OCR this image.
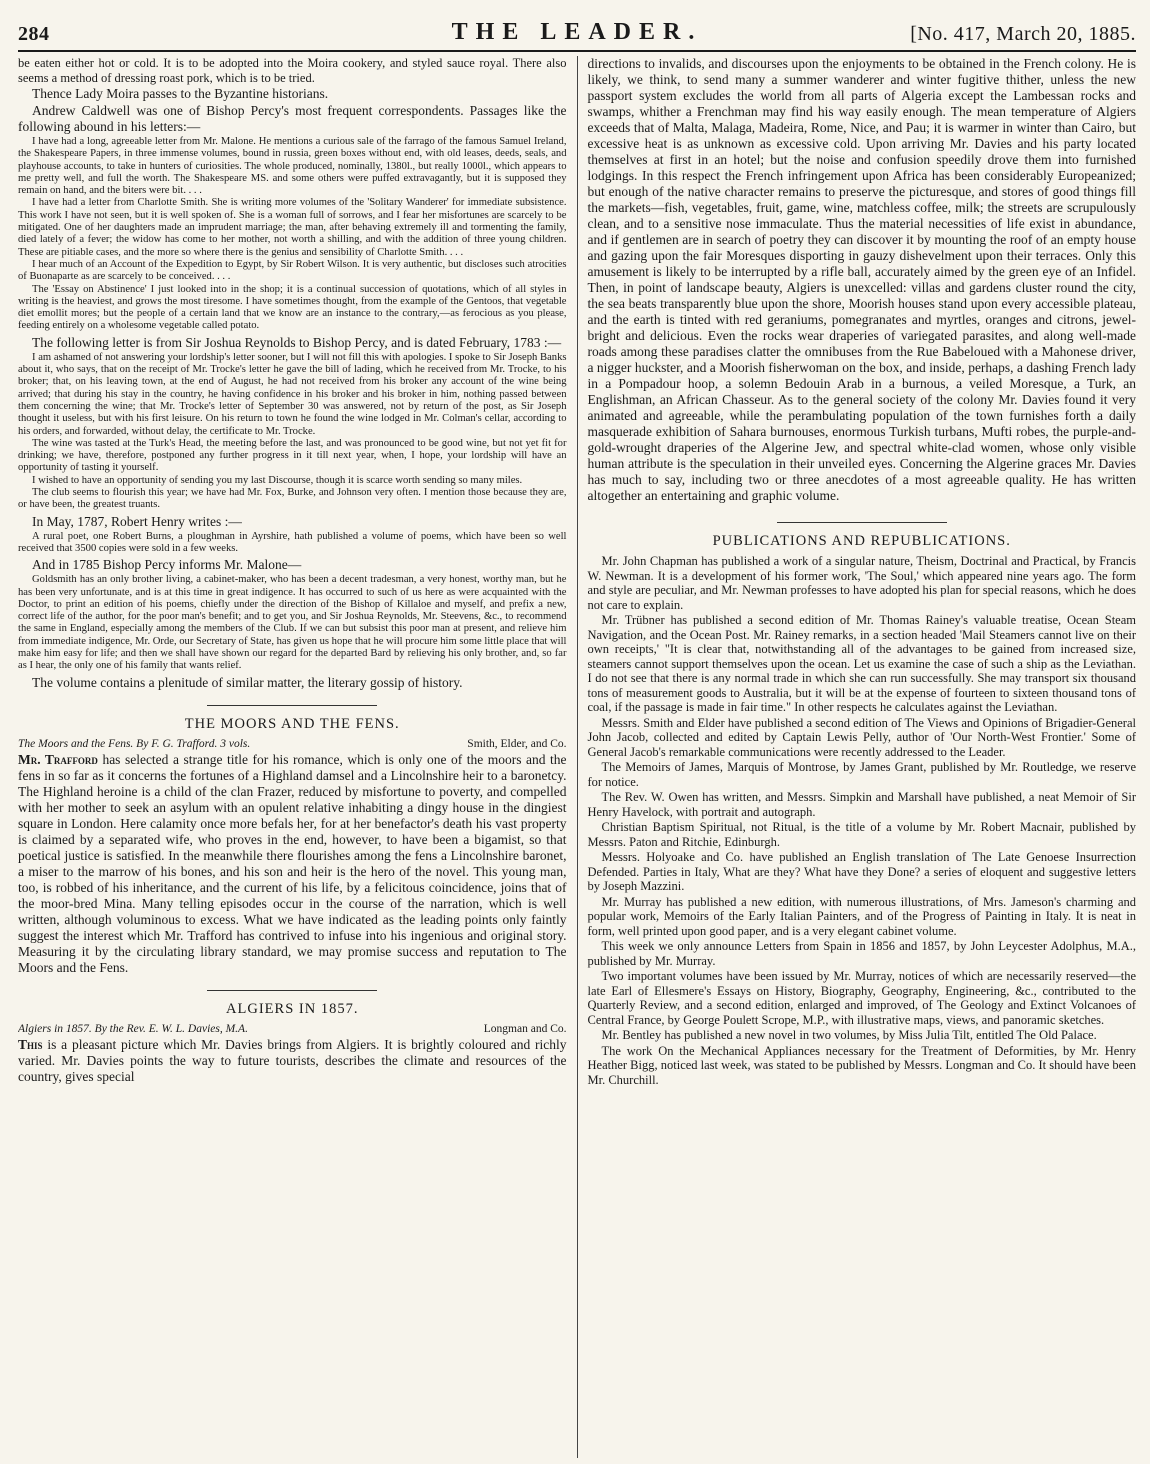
284	THE LEADER.	[No. 417, March 20, 1885.

be eaten either hot or cold. It is to be adopted into the Moira cookery, and styled sauce royal. There also seems a method of dressing roast pork, which is to be tried.

Thence Lady Moira passes to the Byzantine historians.

Andrew Caldwell was one of Bishop Percy's most frequent correspondents. Passages like the following abound in his letters:—

I have had a long, agreeable letter from Mr. Malone. He mentions a curious sale of the farrago of the famous Samuel Ireland, the Shakespeare Papers, in three immense volumes, bound in russia, green boxes without end, with old leases, deeds, seals, and playhouse accounts, to take in hunters of curiosities. The whole produced, nominally, 1380l., but really 1000l., which appears to me pretty well, and full the worth. The Shakespeare MS. and some others were puffed extravagantly, but it is supposed they remain on hand, and the biters were bit. . . .

I have had a letter from Charlotte Smith. She is writing more volumes of the 'Solitary Wanderer' for immediate subsistence. This work I have not seen, but it is well spoken of. She is a woman full of sorrows, and I fear her misfortunes are scarcely to be mitigated. One of her daughters made an imprudent marriage; the man, after behaving extremely ill and tormenting the family, died lately of a fever; the widow has come to her mother, not worth a shilling, and with the addition of three young children. These are pitiable cases, and the more so where there is the genius and sensibility of Charlotte Smith. . . .

I hear much of an Account of the Expedition to Egypt, by Sir Robert Wilson. It is very authentic, but discloses such atrocities of Buonaparte as are scarcely to be conceived. . . .

The 'Essay on Abstinence' I just looked into in the shop; it is a continual succession of quotations, which of all styles in writing is the heaviest, and grows the most tiresome. I have sometimes thought, from the example of the Gentoos, that vegetable diet emollit mores; but the people of a certain land that we know are an instance to the contrary,—as ferocious as you please, feeding entirely on a wholesome vegetable called potato.

The following letter is from Sir Joshua Reynolds to Bishop Percy, and is dated February, 1783 :—

I am ashamed of not answering your lordship's letter sooner, but I will not fill this with apologies. I spoke to Sir Joseph Banks about it, who says, that on the receipt of Mr. Trocke's letter he gave the bill of lading, which he received from Mr. Trocke, to his broker; that, on his leaving town, at the end of August, he had not received from his broker any account of the wine being arrived; that during his stay in the country, he having confidence in his broker and his broker in him, nothing passed between them concerning the wine; that Mr. Trocke's letter of September 30 was answered, not by return of the post, as Sir Joseph thought it useless, but with his first leisure. On his return to town he found the wine lodged in Mr. Colman's cellar, according to his orders, and forwarded, without delay, the certificate to Mr. Trocke.

The wine was tasted at the Turk's Head, the meeting before the last, and was pronounced to be good wine, but not yet fit for drinking; we have, therefore, postponed any further progress in it till next year, when, I hope, your lordship will have an opportunity of tasting it yourself.

I wished to have an opportunity of sending you my last Discourse, though it is scarce worth sending so many miles.

The club seems to flourish this year; we have had Mr. Fox, Burke, and Johnson very often. I mention those because they are, or have been, the greatest truants.

In May, 1787, Robert Henry writes :—

A rural poet, one Robert Burns, a ploughman in Ayrshire, hath published a volume of poems, which have been so well received that 3500 copies were sold in a few weeks.

And in 1785 Bishop Percy informs Mr. Malone—

Goldsmith has an only brother living, a cabinet-maker, who has been a decent tradesman, a very honest, worthy man, but he has been very unfortunate, and is at this time in great indigence. It has occurred to such of us here as were acquainted with the Doctor, to print an edition of his poems, chiefly under the direction of the Bishop of Killaloe and myself, and prefix a new, correct life of the author, for the poor man's benefit; and to get you, and Sir Joshua Reynolds, Mr. Steevens, &c., to recommend the same in England, especially among the members of the Club. If we can but subsist this poor man at present, and relieve him from immediate indigence, Mr. Orde, our Secretary of State, has given us hope that he will procure him some little place that will make him easy for life; and then we shall have shown our regard for the departed Bard by relieving his only brother, and, so far as I hear, the only one of his family that wants relief.

The volume contains a plenitude of similar matter, the literary gossip of history.

THE MOORS AND THE FENS.
The Moors and the Fens. By F. G. Trafford. 3 vols.	Smith, Elder, and Co.

Mr. Trafford has selected a strange title for his romance, which is only one of the moors and the fens in so far as it concerns the fortunes of a Highland damsel and a Lincolnshire heir to a baronetcy. The Highland heroine is a child of the clan Frazer, reduced by misfortune to poverty, and compelled with her mother to seek an asylum with an opulent relative inhabiting a dingy house in the dingiest square in London. Here calamity once more befals her, for at her benefactor's death his vast property is claimed by a separated wife, who proves in the end, however, to have been a bigamist, so that poetical justice is satisfied. In the meanwhile there flourishes among the fens a Lincolnshire baronet, a miser to the marrow of his bones, and his son and heir is the hero of the novel. This young man, too, is robbed of his inheritance, and the current of his life, by a felicitous coincidence, joins that of the moor-bred Mina. Many telling episodes occur in the course of the narration, which is well written, although voluminous to excess. What we have indicated as the leading points only faintly suggest the interest which Mr. Trafford has contrived to infuse into his ingenious and original story. Measuring it by the circulating library standard, we may promise success and reputation to The Moors and the Fens.

ALGIERS IN 1857.
Algiers in 1857. By the Rev. E. W. L. Davies, M.A.	Longman and Co.

This is a pleasant picture which Mr. Davies brings from Algiers. It is brightly coloured and richly varied. Mr. Davies points the way to future tourists, describes the climate and resources of the country, gives special

directions to invalids, and discourses upon the enjoyments to be obtained in the French colony. He is likely, we think, to send many a summer wanderer and winter fugitive thither, unless the new passport system excludes the world from all parts of Algeria except the Lambessan rocks and swamps, whither a Frenchman may find his way easily enough. The mean temperature of Algiers exceeds that of Malta, Malaga, Madeira, Rome, Nice, and Pau; it is warmer in winter than Cairo, but excessive heat is as unknown as excessive cold. Upon arriving Mr. Davies and his party located themselves at first in an hotel; but the noise and confusion speedily drove them into furnished lodgings. In this respect the French infringement upon Africa has been considerably Europeanized; but enough of the native character remains to preserve the picturesque, and stores of good things fill the markets—fish, vegetables, fruit, game, wine, matchless coffee, milk; the streets are scrupulously clean, and to a sensitive nose immaculate. Thus the material necessities of life exist in abundance, and if gentlemen are in search of poetry they can discover it by mounting the roof of an empty house and gazing upon the fair Moresques disporting in gauzy dishevelment upon their terraces. Only this amusement is likely to be interrupted by a rifle ball, accurately aimed by the green eye of an Infidel. Then, in point of landscape beauty, Algiers is unexcelled: villas and gardens cluster round the city, the sea beats transparently blue upon the shore, Moorish houses stand upon every accessible plateau, and the earth is tinted with red geraniums, pomegranates and myrtles, oranges and citrons, jewel-bright and delicious. Even the rocks wear draperies of variegated parasites, and along well-made roads among these paradises clatter the omnibuses from the Rue Babeloued with a Mahonese driver, a nigger huckster, and a Moorish fisherwoman on the box, and inside, perhaps, a dashing French lady in a Pompadour hoop, a solemn Bedouin Arab in a burnous, a veiled Moresque, a Turk, an Englishman, an African Chasseur. As to the general society of the colony Mr. Davies found it very animated and agreeable, while the perambulating population of the town furnishes forth a daily masquerade exhibition of Sahara burnouses, enormous Turkish turbans, Mufti robes, the purple-and-gold-wrought draperies of the Algerine Jew, and spectral white-clad women, whose only visible human attribute is the speculation in their unveiled eyes. Concerning the Algerine graces Mr. Davies has much to say, including two or three anecdotes of a most agreeable quality. He has written altogether an entertaining and graphic volume.

PUBLICATIONS AND REPUBLICATIONS.

Mr. John Chapman has published a work of a singular nature, Theism, Doctrinal and Practical, by Francis W. Newman. It is a development of his former work, 'The Soul,' which appeared nine years ago. The form and style are peculiar, and Mr. Newman professes to have adopted his plan for special reasons, which he does not care to explain.

Mr. Trübner has published a second edition of Mr. Thomas Rainey's valuable treatise, Ocean Steam Navigation, and the Ocean Post. Mr. Rainey remarks, in a section headed 'Mail Steamers cannot live on their own receipts,' "It is clear that, notwithstanding all of the advantages to be gained from increased size, steamers cannot support themselves upon the ocean. Let us examine the case of such a ship as the Leviathan. I do not see that there is any normal trade in which she can run successfully. She may transport six thousand tons of measurement goods to Australia, but it will be at the expense of fourteen to sixteen thousand tons of coal, if the passage is made in fair time." In other respects he calculates against the Leviathan.

Messrs. Smith and Elder have published a second edition of The Views and Opinions of Brigadier-General John Jacob, collected and edited by Captain Lewis Pelly, author of 'Our North-West Frontier.' Some of General Jacob's remarkable communications were recently addressed to the Leader.

The Memoirs of James, Marquis of Montrose, by James Grant, published by Mr. Routledge, we reserve for notice.

The Rev. W. Owen has written, and Messrs. Simpkin and Marshall have published, a neat Memoir of Sir Henry Havelock, with portrait and autograph.

Christian Baptism Spiritual, not Ritual, is the title of a volume by Mr. Robert Macnair, published by Messrs. Paton and Ritchie, Edinburgh.

Messrs. Holyoake and Co. have published an English translation of The Late Genoese Insurrection Defended. Parties in Italy, What are they? What have they Done? a series of eloquent and suggestive letters by Joseph Mazzini.

Mr. Murray has published a new edition, with numerous illustrations, of Mrs. Jameson's charming and popular work, Memoirs of the Early Italian Painters, and of the Progress of Painting in Italy. It is neat in form, well printed upon good paper, and is a very elegant cabinet volume.

This week we only announce Letters from Spain in 1856 and 1857, by John Leycester Adolphus, M.A., published by Mr. Murray.

Two important volumes have been issued by Mr. Murray, notices of which are necessarily reserved—the late Earl of Ellesmere's Essays on History, Biography, Geography, Engineering, &c., contributed to the Quarterly Review, and a second edition, enlarged and improved, of The Geology and Extinct Volcanoes of Central France, by George Poulett Scrope, M.P., with illustrative maps, views, and panoramic sketches.

Mr. Bentley has published a new novel in two volumes, by Miss Julia Tilt, entitled The Old Palace.

The work On the Mechanical Appliances necessary for the Treatment of Deformities, by Mr. Henry Heather Bigg, noticed last week, was stated to be published by Messrs. Longman and Co. It should have been Mr. Churchill.
